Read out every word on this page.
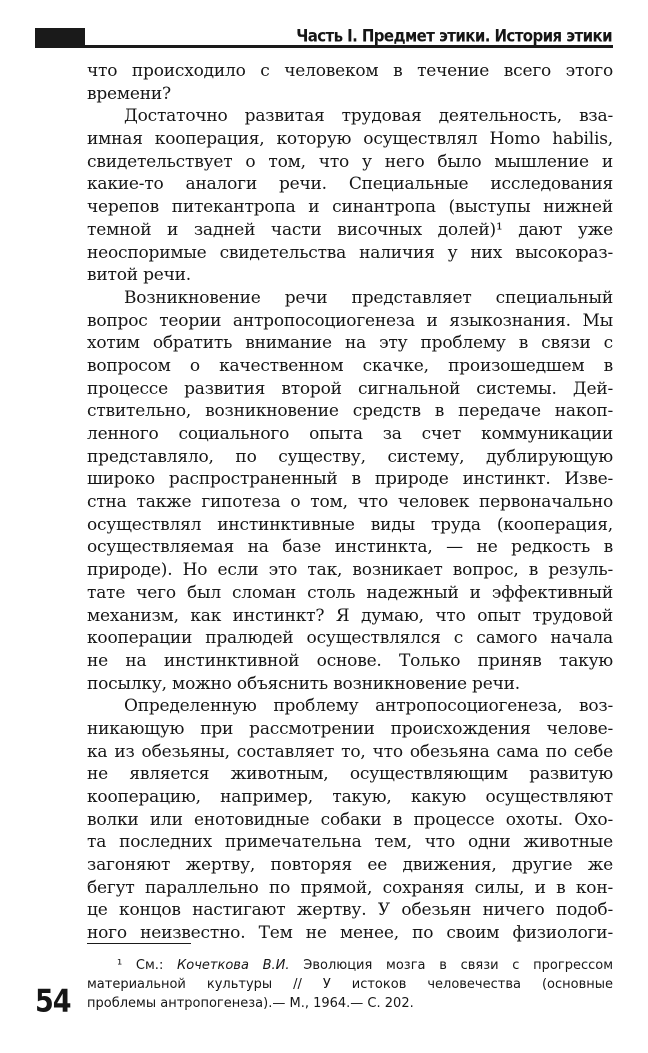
Часть I. Предмет этики. История этики
что происходило с человеком в течение всего этого
времени?
Достаточно развитая трудовая деятельность, вза-
имная кооперация, которую осуществлял Homo habilis,
свидетельствует о том, что у него было мышление и
какие-то аналоги речи. Специальные исследования
черепов питекантропа и синантропа (выступы нижней
темной и задней части височных долей)¹ дают уже
неоспоримые свидетельства наличия у них высокораз-
витой речи.
Возникновение речи представляет специальный
вопрос теории антропосоциогенеза и языкознания. Мы
хотим обратить внимание на эту проблему в связи с
вопросом о качественном скачке, произошедшем в
процессе развития второй сигнальной системы. Дей-
ствительно, возникновение средств в передаче накоп-
ленного социального опыта за счет коммуникации
представляло, по существу, систему, дублирующую
широко распространенный в природе инстинкт. Изве-
стна также гипотеза о том, что человек первоначально
осуществлял инстинктивные виды труда (кооперация,
осуществляемая на базе инстинкта, — не редкость в
природе). Но если это так, возникает вопрос, в резуль-
тате чего был сломан столь надежный и эффективный
механизм, как инстинкт? Я думаю, что опыт трудовой
кооперации пралюдей осуществлялся с самого начала
не на инстинктивной основе. Только приняв такую
посылку, можно объяснить возникновение речи.
Определенную проблему антропосоциогенеза, воз-
никающую при рассмотрении происхождения челове-
ка из обезьяны, составляет то, что обезьяна сама по себе
не является животным, осуществляющим развитую
кооперацию, например, такую, какую осуществляют
волки или енотовидные собаки в процессе охоты. Охо-
та последних примечательна тем, что одни животные
загоняют жертву, повторяя ее движения, другие же
бегут параллельно по прямой, сохраняя силы, и в кон-
це концов настигают жертву. У обезьян ничего подоб-
ного неизвестно. Тем не менее, по своим физиологи-
¹ См.: Кочеткова В.И. Эволюция мозга в связи с прогрессом
материальной культуры // У истоков человечества (основные
проблемы антропогенеза).— М., 1964.— С. 202.
54
